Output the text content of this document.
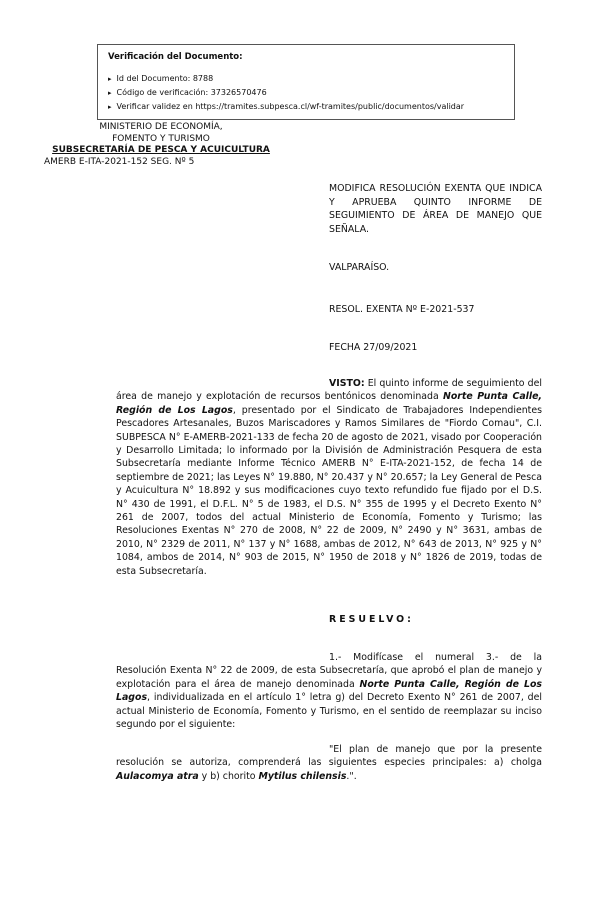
Verificación del Documento:

▸ Id del Documento: 8788
▸ Código de verificación: 37326570476
▸ Verificar validez en https://tramites.subpesca.cl/wf-tramites/public/documentos/validar
MINISTERIO DE ECONOMÍA,
FOMENTO Y TURISMO
SUBSECRETARÍA DE PESCA Y ACUICULTURA
AMERB E-ITA-2021-152 SEG. Nº 5
MODIFICA RESOLUCIÓN EXENTA QUE INDICA Y APRUEBA QUINTO INFORME DE SEGUIMIENTO DE ÁREA DE MANEJO QUE SEÑALA.
VALPARAÍSO.
RESOL. EXENTA Nº E-2021-537
FECHA 27/09/2021

VISTO: El quinto informe de seguimiento del área de manejo y explotación de recursos bentónicos denominada Norte Punta Calle, Región de Los Lagos, presentado por el Sindicato de Trabajadores Independientes Pescadores Artesanales, Buzos Mariscadores y Ramos Similares de "Fiordo Comau", C.I. SUBPESCA N° E-AMERB-2021-133 de fecha 20 de agosto de 2021, visado por Cooperación y Desarrollo Limitada; lo informado por la División de Administración Pesquera de esta Subsecretaría mediante Informe Técnico AMERB N° E-ITA-2021-152, de fecha 14 de septiembre de 2021; las Leyes N° 19.880, N° 20.437 y N° 20.657; la Ley General de Pesca y Acuicultura N° 18.892 y sus modificaciones cuyo texto refundido fue fijado por el D.S. N° 430 de 1991, el D.F.L. N° 5 de 1983, el D.S. N° 355 de 1995 y el Decreto Exento N° 261 de 2007, todos del actual Ministerio de Economía, Fomento y Turismo; las Resoluciones Exentas N° 270 de 2008, N° 22 de 2009, N° 2490 y N° 3631, ambas de 2010, N° 2329 de 2011, N° 137 y N° 1688, ambas de 2012, N° 643 de 2013, N° 925 y N° 1084, ambos de 2014, N° 903 de 2015, N° 1950 de 2018 y N° 1826 de 2019, todas de esta Subsecretaría.

RESUELVO:

1.- Modifícase el numeral 3.- de la Resolución Exenta N° 22 de 2009, de esta Subsecretaría, que aprobó el plan de manejo y explotación para el área de manejo denominada Norte Punta Calle, Región de Los Lagos, individualizada en el artículo 1° letra g) del Decreto Exento N° 261 de 2007, del actual Ministerio de Economía, Fomento y Turismo, en el sentido de reemplazar su inciso segundo por el siguiente:

"El plan de manejo que por la presente resolución se autoriza, comprenderá las siguientes especies principales: a) cholga Aulacomya atra y b) chorito Mytilus chilensis.".
